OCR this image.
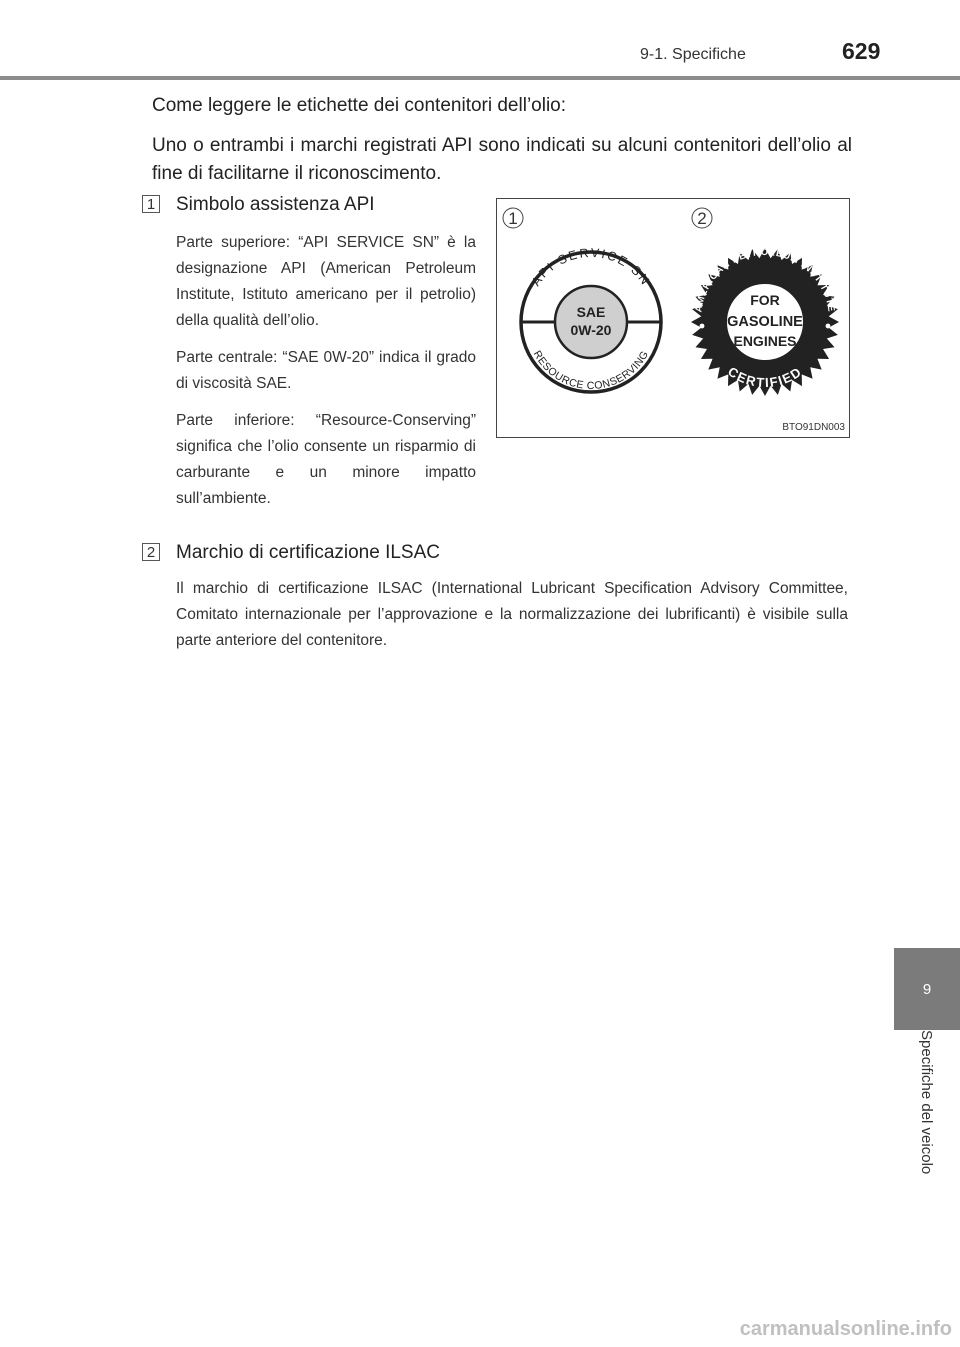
9-1. Specifiche	629
9
Specifiche del veicolo

Come leggere le etichette dei contenitori dell’olio:

Uno o entrambi i marchi registrati API sono indicati su alcuni contenitori dell’olio al fine di facilitarne il riconoscimento.

1 Simbolo assistenza API

Parte superiore: “API SERVICE SN” è la designazione API (American Petroleum Institute, Istituto americano per il petrolio) della qualità dell’olio.

Parte centrale: “SAE 0W-20” indica il grado di viscosità SAE.

Parte inferiore: “Resource-Conserving” significa che l’olio consente un risparmio di carburante e un minore impatto sull’ambiente.

2 Marchio di certificazione ILSAC
Il marchio di certificazione ILSAC (International Lubricant Specification Advisory Committee, Comitato internazionale per l’approvazione e la normalizzazione dei lubrificanti) è visibile sulla parte anteriore del contenitore.
1	2
API SERVICE SN
RESOURCE CONSERVING
SAE
0W-20
AMERICAN PETROLEUM INSTITUTE
CERTIFIED
FOR
GASOLINE
ENGINES
BTO91DN003
carmanualsonline.info
